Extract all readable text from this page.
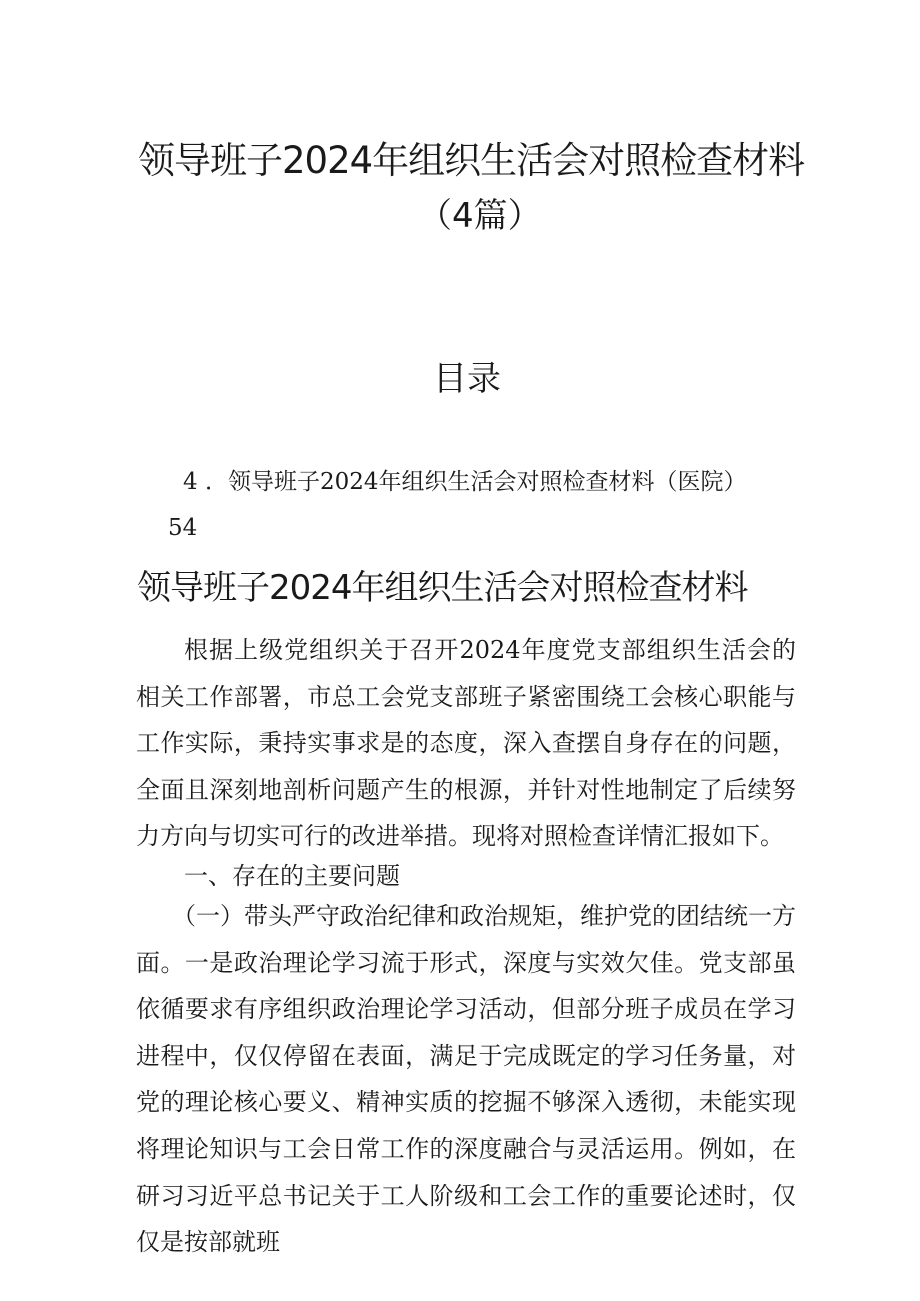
领导班子2024年组织生活会对照检查材料
（4篇）
目录
4 ．领导班子2024年组织生活会对照检查材料（医院）
54
领导班子2024年组织生活会对照检查材料

根据上级党组织关于召开2024年度党支部组织生活会的相关工作部署，市总工会党支部班子紧密围绕工会核心职能与工作实际，秉持实事求是的态度，深入查摆自身存在的问题，全面且深刻地剖析问题产生的根源，并针对性地制定了后续努力方向与切实可行的改进举措。现将对照检查详情汇报如下。

一、存在的主要问题

（一）带头严守政治纪律和政治规矩，维护党的团结统一方面。一是政治理论学习流于形式，深度与实效欠佳。党支部虽依循要求有序组织政治理论学习活动，但部分班子成员在学习进程中，仅仅停留在表面，满足于完成既定的学习任务量，对党的理论核心要义、精神实质的挖掘不够深入透彻，未能实现将理论知识与工会日常工作的深度融合与灵活运用。例如，在研习习近平总书记关于工人阶级和工会工作的重要论述时，仅仅是按部就班
